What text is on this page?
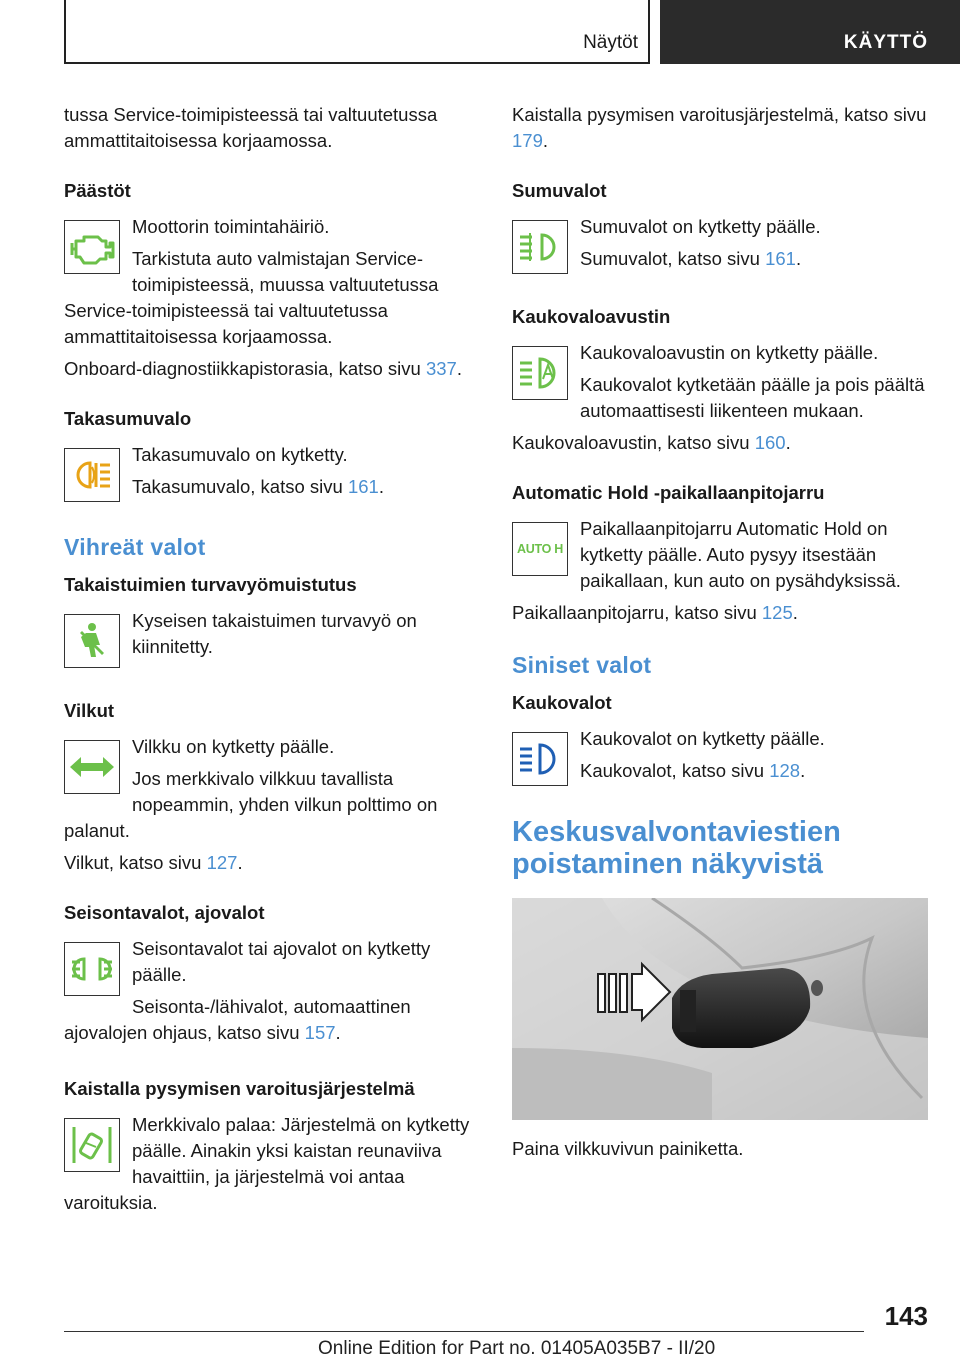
Näytöt	KÄYTTÖ

tussa Service-toimipisteessä tai valtuutetussa ammattitaitoisessa korjaamossa.

Päästöt

Moottorin toimintahäiriö.

Tarkistuta auto valmistajan Service-toimipisteessä, muussa valtuutetussa Service-toimipisteessä tai valtuutetussa ammattitaitoisessa korjaamossa.

Onboard-diagnostiikkapistorasia, katso sivu 337.

Takasumuvalo

Takasumuvalo on kytketty.

Takasumuvalo, katso sivu 161.

Vihreät valot
Takaistuimien turvavyömuistutus

Kyseisen takaistuimen turvavyö on kiinnitetty.

Vilkut

Vilkku on kytketty päälle.

Jos merkkivalo vilkkuu tavallista nopeammin, yhden vilkun polttimo on palanut.

Vilkut, katso sivu 127.

Seisontavalot, ajovalot

Seisontavalot tai ajovalot on kytketty päälle.

Seisonta-/lähivalot, automaattinen ajovalojen ohjaus, katso sivu 157.

Kaistalla pysymisen varoitusjärjestelmä

Merkkivalo palaa: Järjestelmä on kytketty päälle. Ainakin yksi kaistan reunaviiva havaittiin, ja järjestelmä voi antaa varoituksia.

Kaistalla pysymisen varoitusjärjestelmä, katso sivu 179.

Sumuvalot

Sumuvalot on kytketty päälle.

Sumuvalot, katso sivu 161.

Kaukovaloavustin

Kaukovaloavustin on kytketty päälle.

Kaukovalot kytketään päälle ja pois päältä automaattisesti liikenteen mukaan.

Kaukovaloavustin, katso sivu 160.

Automatic Hold -paikallaanpitojarru
AUTO H

Paikallaanpitojarru Automatic Hold on kytketty päälle. Auto pysyy itsestään paikallaan, kun auto on pysähdyksissä.

Paikallaanpitojarru, katso sivu 125.

Siniset valot
Kaukovalot

Kaukovalot on kytketty päälle.

Kaukovalot, katso sivu 128.

Keskusvalvontaviestien poistaminen näkyvistä

Paina vilkkuvivun painiketta.

143
Online Edition for Part no. 01405A035B7 - II/20
